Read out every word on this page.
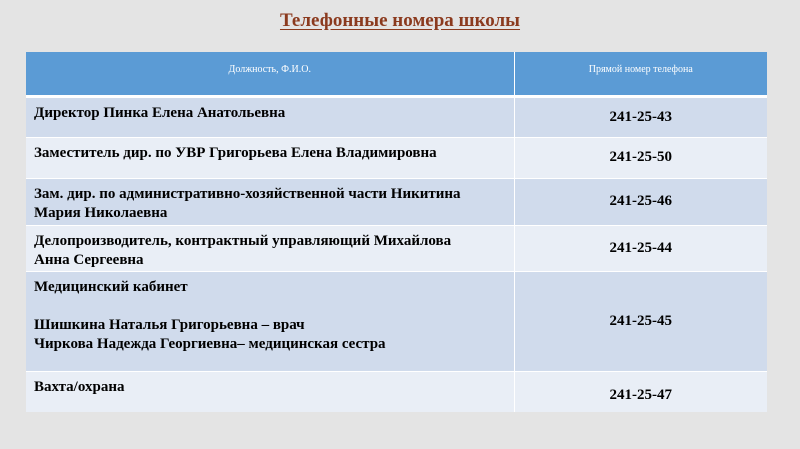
Телефонные номера школы
Должность, Ф.И.О.	Прямой номер телефона

Директор Пинка Елена Анатольевна	241-25-43

Заместитель дир. по УВР Григорьева Елена Владимировна	241-25-50

Зам. дир. по административно-хозяйственной части Никитина
Мария Николаевна	241-25-46

Делопроизводитель, контрактный управляющий Михайлова
Анна Сергеевна	241-25-44

Медицинский кабинет
Шишкина Наталья Григорьевна – врач
Чиркова Надежда Георгиевна– медицинская сестра	241-25-45

Вахта/охрана	241-25-47
